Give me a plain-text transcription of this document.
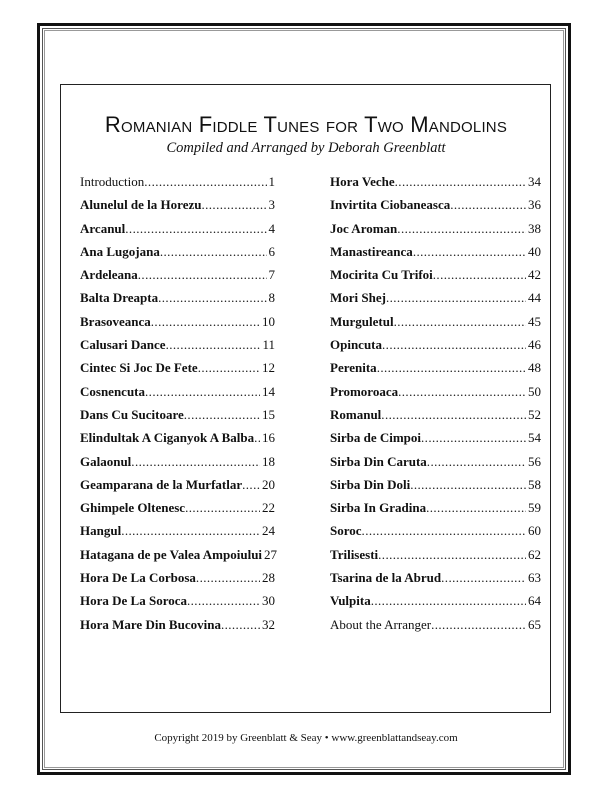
Romanian Fiddle Tunes for Two Mandolins
Compiled and Arranged by Deborah Greenblatt
Introduction .....	1
Alunelul de la Horezu .....	3
Arcanul .....	4
Ana Lugojana .....	6
Ardeleana .....	7
Balta Dreapta .....	8
Brasoveanca .....	10
Calusari Dance .....	11
Cintec Si Joc De Fete .....	12
Cosnencuta .....	14
Dans Cu Sucitoare .....	15
Elindultak A Ciganyok A Balba ..... 16
Galaonul .....	18
Geamparana de la Murfatlar ..... 20
Ghimpele Oltenesc .....	22
Hangul .....	24
Hatagana de pe Valea Ampoiului 27
Hora De La Corbosa .....	28
Hora De La Soroca .....	30
Hora Mare Din Bucovina .....	32
Hora Veche .....	34
Invirtita Ciobaneasca .....	36
Joc Aroman .....	38
Manastireanca .....	40
Mocirita Cu Trifoi .....	42
Mori Shej .....	44
Murguletul .....	45
Opincuta .....	46
Perenita .....	48
Promoroaca .....	50
Romanul .....	52
Sirba de Cimpoi .....	54
Sirba Din Caruta .....	56
Sirba Din Doli .....	58
Sirba In Gradina .....	59
Soroc .....	60
Trilisesti .....	62
Tsarina de la Abrud .....	63
Vulpita .....	64
About the Arranger .....	65
Copyright 2019 by Greenblatt & Seay • www.greenblattandseay.com
